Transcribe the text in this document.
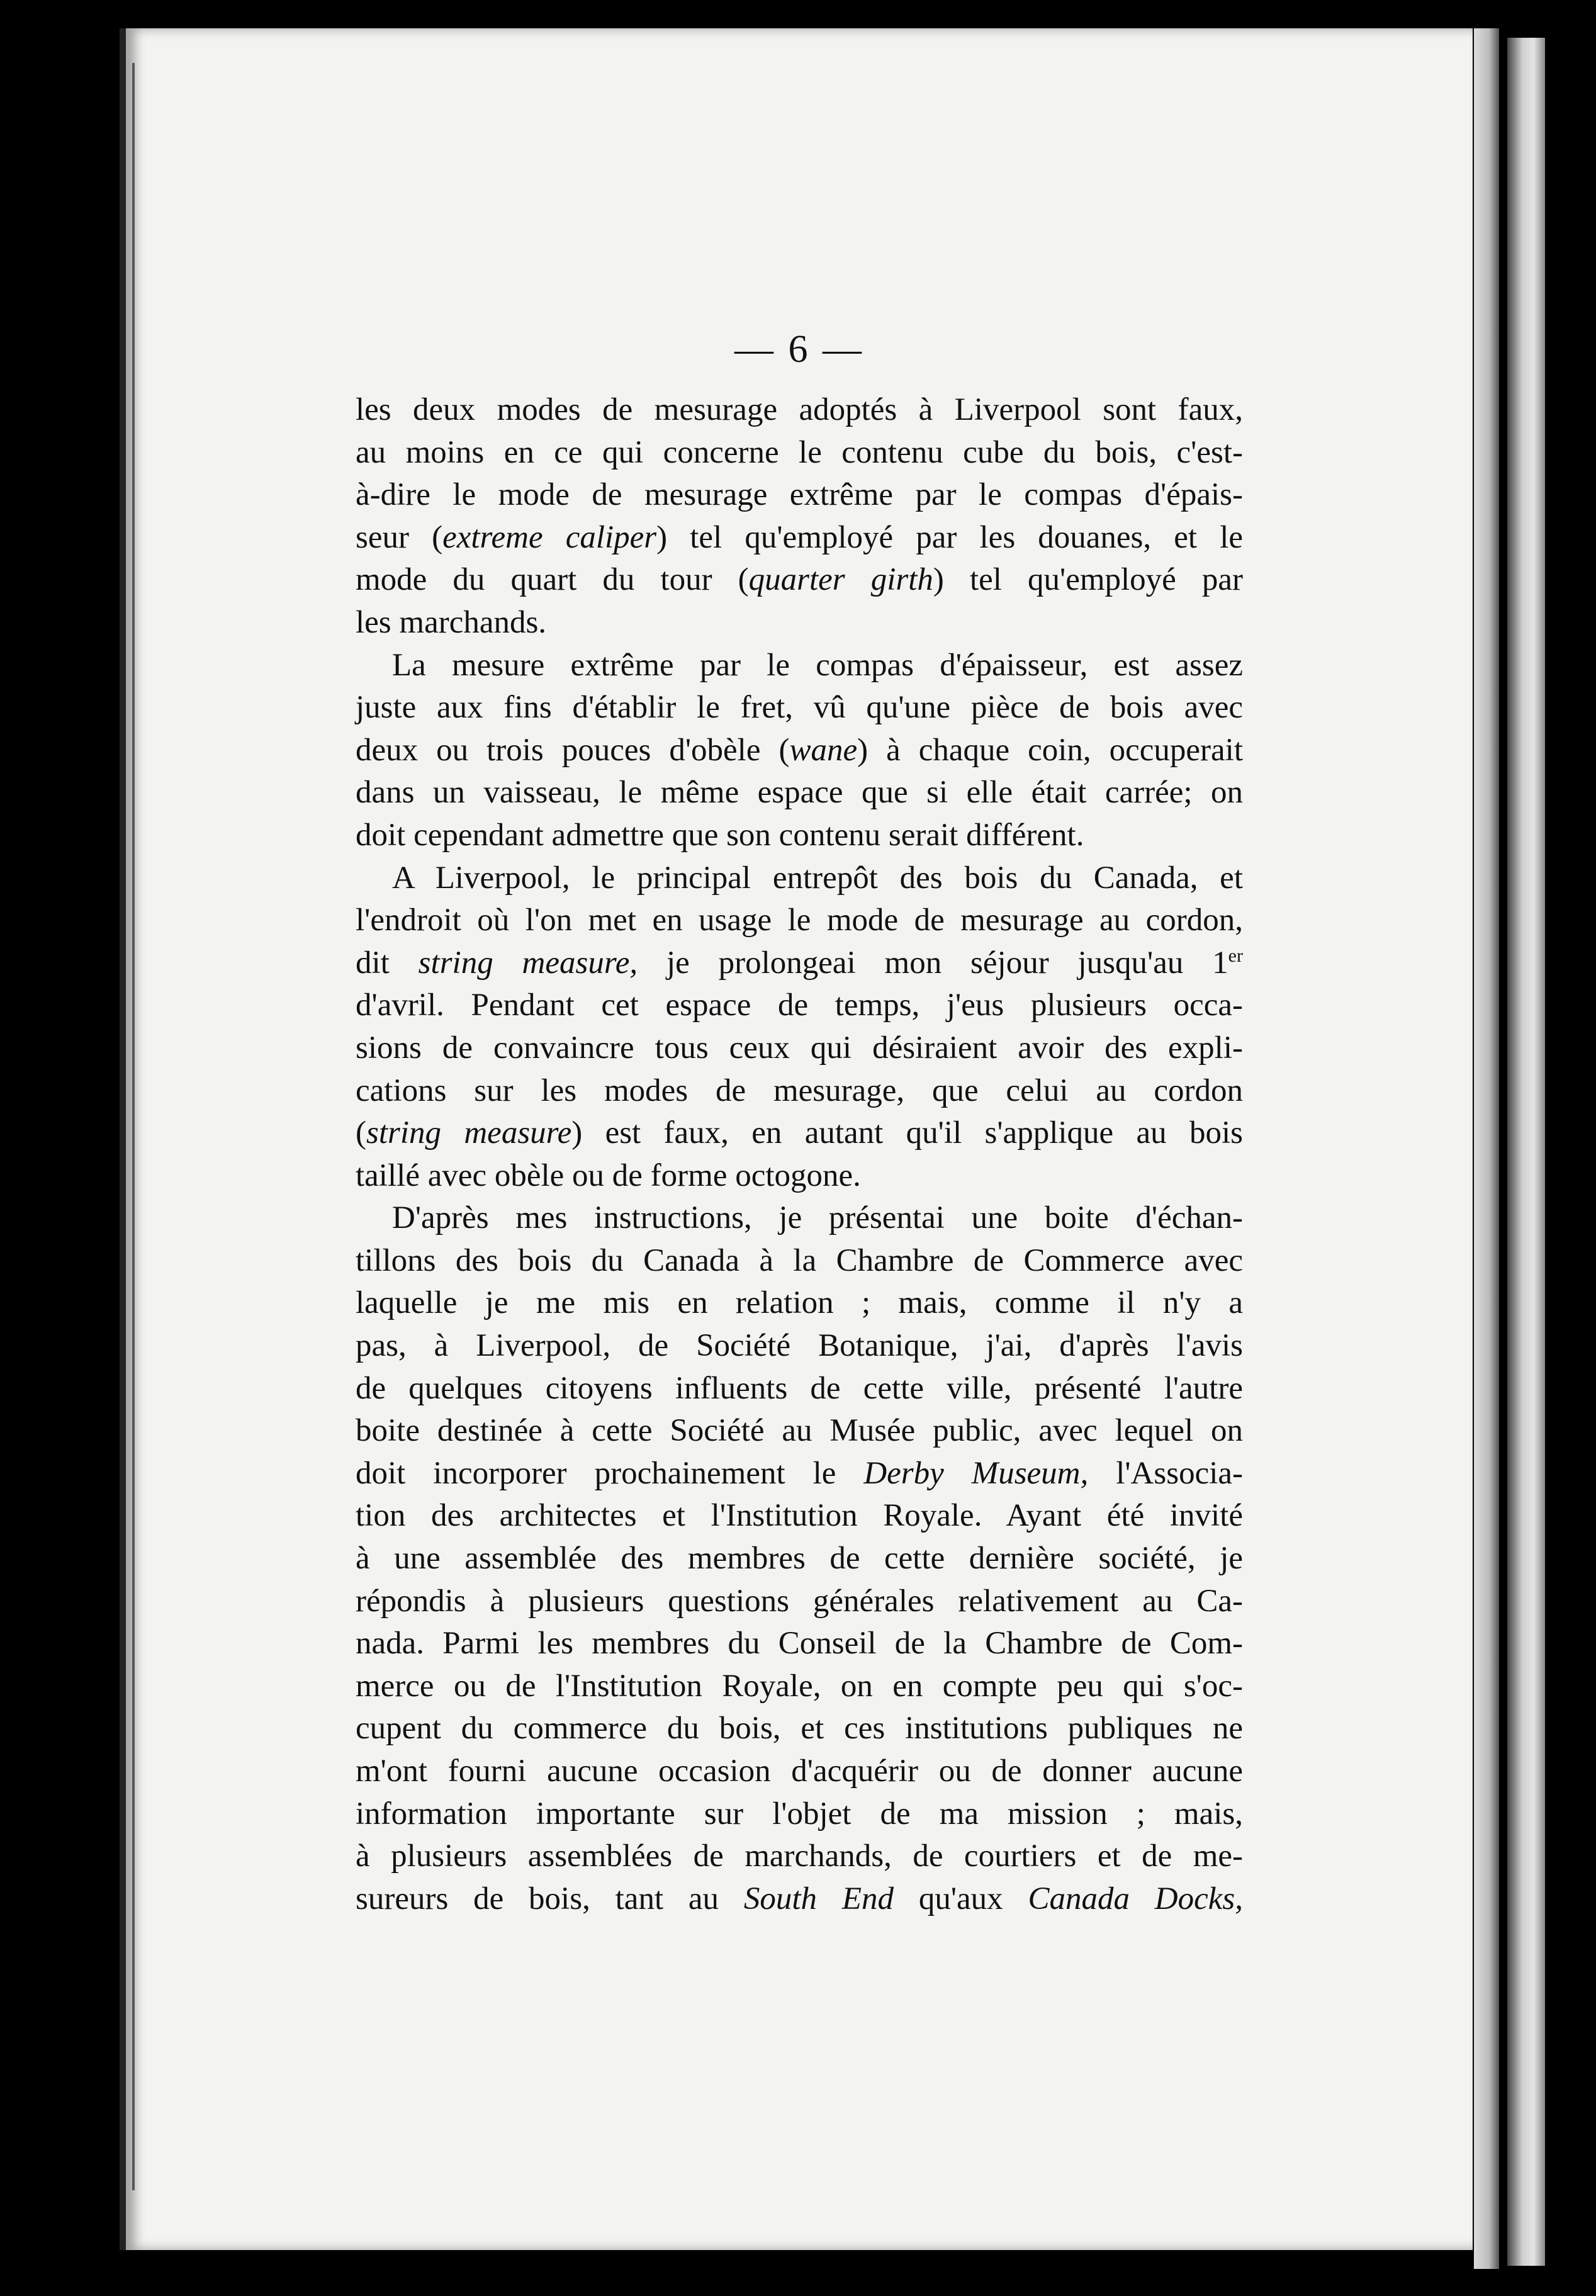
— 6 —

les deux modes de mesurage adoptés à Liverpool sont faux,
au moins en ce qui concerne le contenu cube du bois, c'est-
à-dire le mode de mesurage extrême par le compas d'épais-
seur (extreme caliper) tel qu'employé par les douanes, et le
mode du quart du tour (quarter girth) tel qu'employé par
les marchands.

La mesure extrême par le compas d'épaisseur, est assez
juste aux fins d'établir le fret, vû qu'une pièce de bois avec
deux ou trois pouces d'obèle (wane) à chaque coin, occuperait
dans un vaisseau, le même espace que si elle était carrée; on
doit cependant admettre que son contenu serait différent.

A Liverpool, le principal entrepôt des bois du Canada, et
l'endroit où l'on met en usage le mode de mesurage au cordon,
dit string measure, je prolongeai mon séjour jusqu'au 1er
d'avril. Pendant cet espace de temps, j'eus plusieurs occa-
sions de convaincre tous ceux qui désiraient avoir des expli-
cations sur les modes de mesurage, que celui au cordon
(string measure) est faux, en autant qu'il s'applique au bois
taillé avec obèle ou de forme octogone.

D'après mes instructions, je présentai une boite d'échan-
tillons des bois du Canada à la Chambre de Commerce avec
laquelle je me mis en relation ; mais, comme il n'y a
pas, à Liverpool, de Société Botanique, j'ai, d'après l'avis
de quelques citoyens influents de cette ville, présenté l'autre
boite destinée à cette Société au Musée public, avec lequel on
doit incorporer prochainement le Derby Museum, l'Associa-
tion des architectes et l'Institution Royale. Ayant été invité
à une assemblée des membres de cette dernière société, je
répondis à plusieurs questions générales relativement au Ca-
nada. Parmi les membres du Conseil de la Chambre de Com-
merce ou de l'Institution Royale, on en compte peu qui s'oc-
cupent du commerce du bois, et ces institutions publiques ne
m'ont fourni aucune occasion d'acquérir ou de donner aucune
information importante sur l'objet de ma mission ; mais,
à plusieurs assemblées de marchands, de courtiers et de me-
sureurs de bois, tant au South End qu'aux Canada Docks,
